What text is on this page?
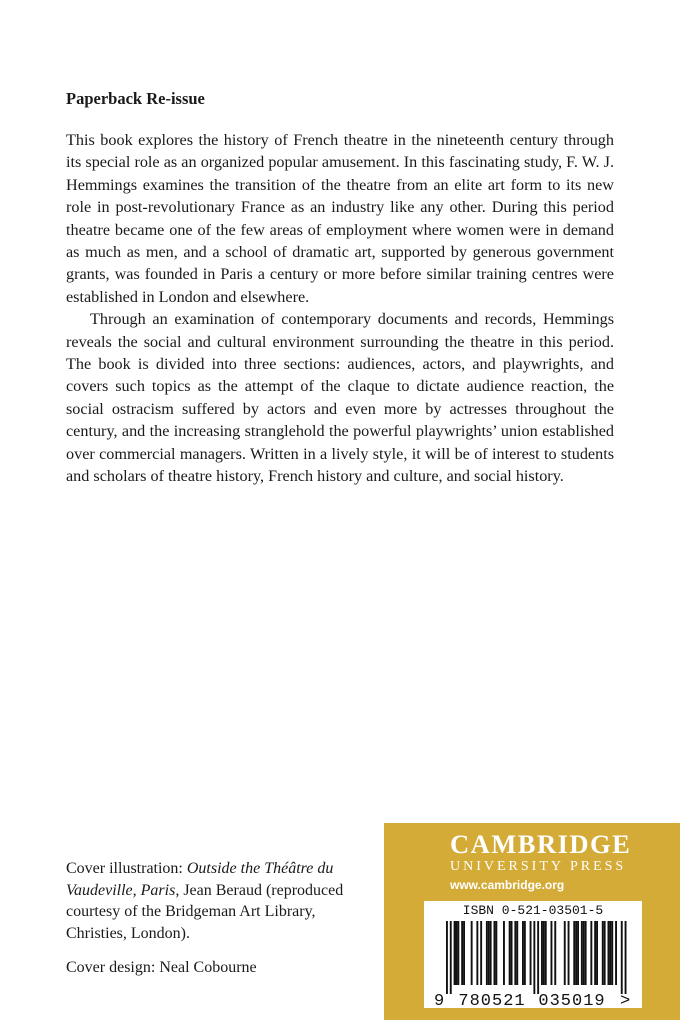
Paperback Re-issue

This book explores the history of French theatre in the nineteenth century through its special role as an organized popular amusement. In this fascinating study, F. W. J. Hemmings examines the transition of the theatre from an elite art form to its new role in post-revolutionary France as an industry like any other. During this period theatre became one of the few areas of employment where women were in demand as much as men, and a school of dramatic art, supported by generous government grants, was founded in Paris a century or more before similar training centres were established in London and elsewhere.

Through an examination of contemporary documents and records, Hemmings reveals the social and cultural environment surrounding the theatre in this period. The book is divided into three sections: audiences, actors, and playwrights, and covers such topics as the attempt of the claque to dictate audience reaction, the social ostracism suffered by actors and even more by actresses throughout the century, and the increasing stranglehold the powerful playwrights’ union established over commercial managers. Written in a lively style, it will be of interest to students and scholars of theatre history, French history and culture, and social history.

Cover illustration: Outside the Théâtre du Vaudeville, Paris, Jean Beraud (reproduced courtesy of the Bridgeman Art Library, Christies, London).

Cover design: Neal Cobourne

CAMBRIDGE
UNIVERSITY PRESS
www.cambridge.org
ISBN 0-521-03501-5
9 780521 035019 >
